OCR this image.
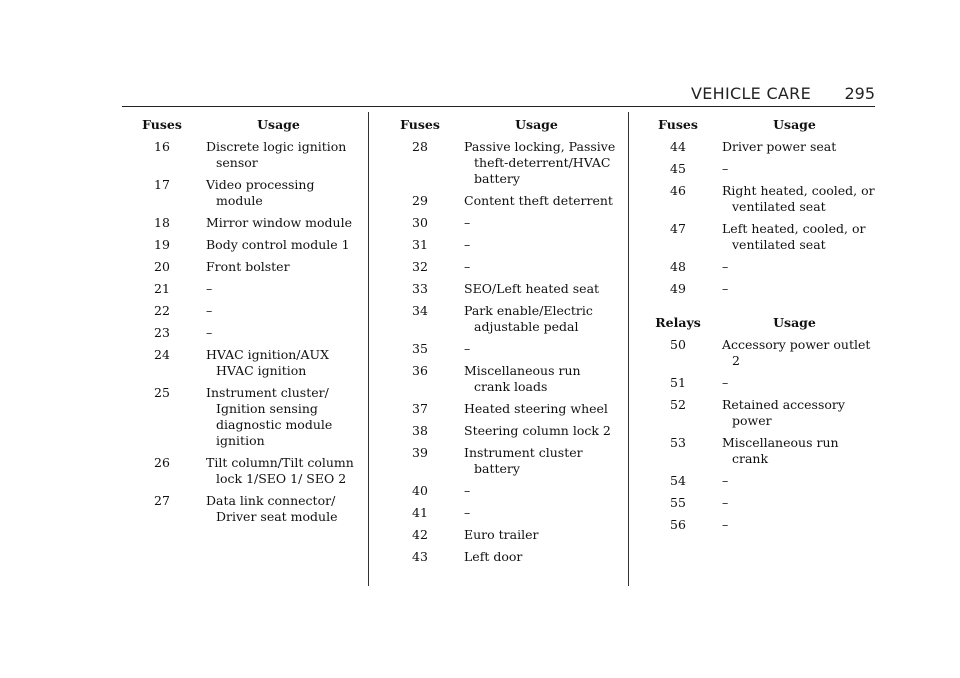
VEHICLE CARE 295
Fuses	Usage
16	Discrete logic ignition sensor
17	Video processing module
18	Mirror window module
19	Body control module 1
20	Front bolster
21	–
22	–
23	–
24	HVAC ignition/AUX HVAC ignition
25	Instrument cluster/ Ignition sensing diagnostic module ignition
26	Tilt column/Tilt column lock 1/SEO 1/ SEO 2
27	Data link connector/ Driver seat module
Fuses	Usage
28	Passive locking, Passive theft-deterrent/HVAC battery
29	Content theft deterrent
30	–
31	–
32	–
33	SEO/Left heated seat
34	Park enable/Electric adjustable pedal
35	–
36	Miscellaneous run crank loads
37	Heated steering wheel
38	Steering column lock 2
39	Instrument cluster battery
40	–
41	–
42	Euro trailer
43	Left door
Fuses	Usage
44	Driver power seat
45	–
46	Right heated, cooled, or ventilated seat
47	Left heated, cooled, or ventilated seat
48	–
49	–
Relays	Usage
50	Accessory power outlet 2
51	–
52	Retained accessory power
53	Miscellaneous run crank
54	–
55	–
56	–
